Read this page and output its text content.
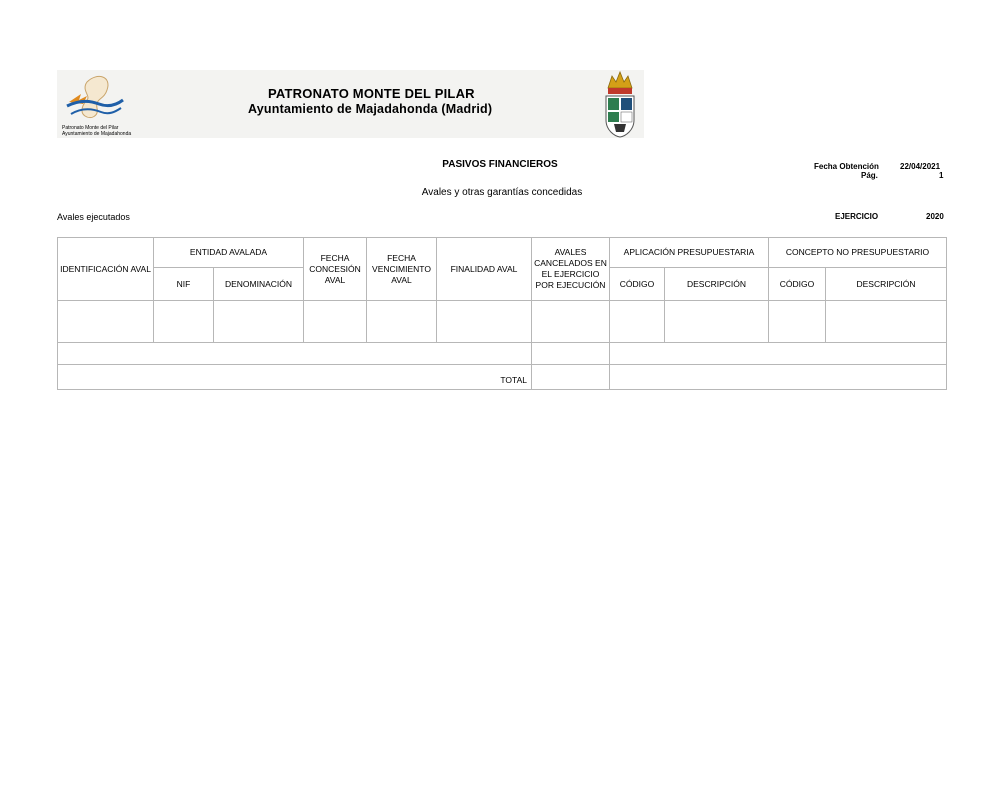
Patronato Monte del Pilar
Ayuntamiento de Majadahonda
PATRONATO MONTE DEL PILAR
Ayuntamiento de Majadahonda (Madrid)
PASIVOS FINANCIEROS
Avales y otras garantías concedidas
Fecha Obtención	22/04/2021
Pág.	1
Avales ejecutados	EJERCICIO	2020
IDENTIFICACIÓN AVAL	ENTIDAD AVALADA		FECHA CONCESIÓN AVAL	FECHA VENCIMIENTO AVAL	FINALIDAD AVAL	AVALES CANCELADOS EN EL EJERCICIO POR EJECUCIÓN	APLICACIÓN PRESUPUESTARIA		CONCEPTO NO PRESUPUESTARIO	
	NIF	DENOMINACIÓN					CÓDIGO	DESCRIPCIÓN	CÓDIGO	DESCRIPCIÓN

TOTAL										
